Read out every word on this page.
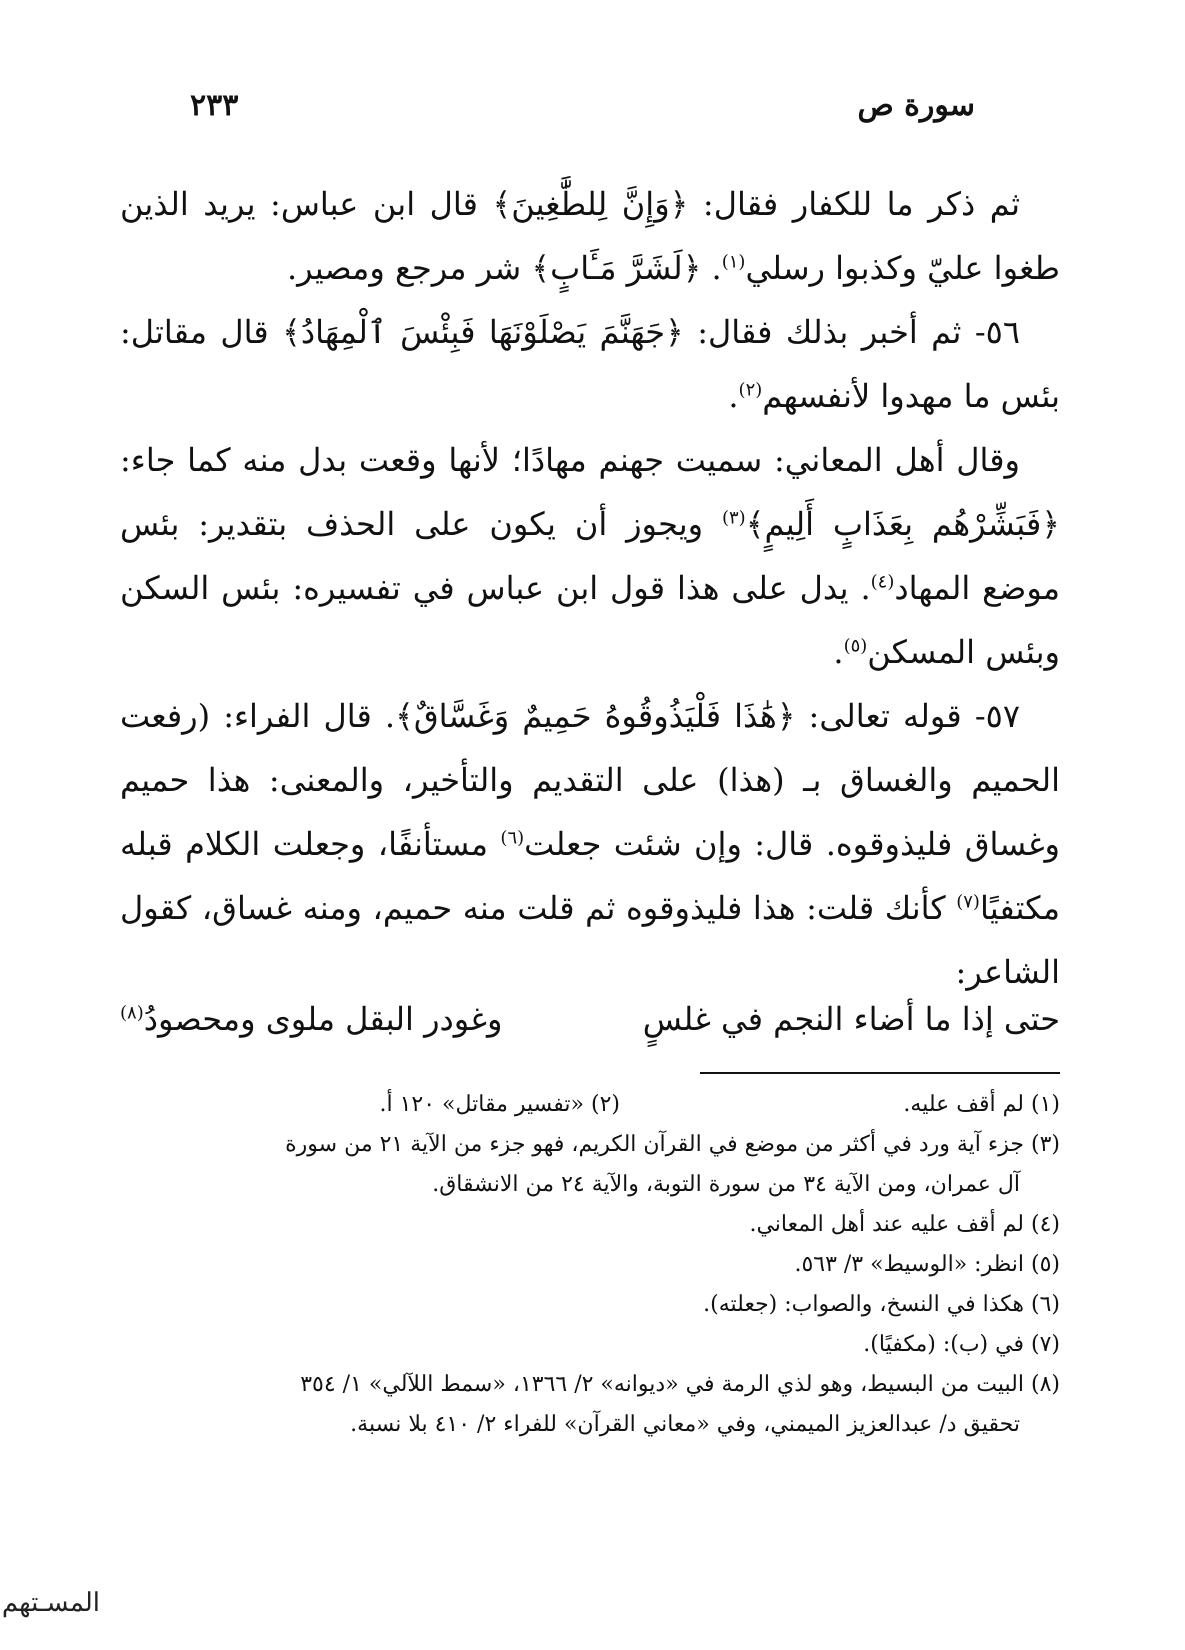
سورة ص
٢٣٣

ثم ذكر ما للكفار فقال: ﴿وَإِنَّ لِلطَّٰغِينَ﴾ قال ابن عباس: يريد الذين طغوا عليّ وكذبوا رسلي$^{(١)}$. ﴿لَشَرَّ مَـَٔابٍ﴾ شر مرجع ومصير.

٥٦- ثم أخبر بذلك فقال: ﴿جَهَنَّمَ يَصْلَوْنَهَا فَبِئْسَ ٱلْمِهَادُ﴾ قال مقاتل: بئس ما مهدوا لأنفسهم$^{(٢)}$.

وقال أهل المعاني: سميت جهنم مهادًا؛ لأنها وقعت بدل منه كما جاء: ﴿فَبَشِّرْهُم بِعَذَابٍ أَلِيمٍ﴾$^{(٣)}$ ويجوز أن يكون على الحذف بتقدير: بئس موضع المهاد$^{(٤)}$. يدل على هذا قول ابن عباس في تفسيره: بئس السكن وبئس المسكن$^{(٥)}$.

٥٧- قوله تعالى: ﴿هَٰذَا فَلْيَذُوقُوهُ حَمِيمٌ وَغَسَّاقٌ﴾. قال الفراء: (رفعت الحميم والغساق بـ (هذا) على التقديم والتأخير، والمعنى: هذا حميم وغساق فليذوقوه. قال: وإن شئت جعلت$^{(٦)}$ مستأنفًا، وجعلت الكلام قبله مكتفيًا$^{(٧)}$ كأنك قلت: هذا فليذوقوه ثم قلت منه حميم، ومنه غساق، كقول الشاعر:

حتى إذا ما أضاء النجم في غلسٍ
وغودر البقل ملوى ومحصودُ$^{(٨)}$
(١) لم أقف عليه.
(٢) «تفسير مقاتل» ١٢٠ أ.

(٣) جزء آية ورد في أكثر من موضع في القرآن الكريم، فهو جزء من الآية ٢١ من سورة
آل عمران، ومن الآية ٣٤ من سورة التوبة، والآية ٢٤ من الانشقاق.

(٤) لم أقف عليه عند أهل المعاني.

(٥) انظر: «الوسيط» ٣/ ٥٦٣.

(٦) هكذا في النسخ، والصواب: (جعلته).

(٧) في (ب): (مكفيًا).

(٨) البيت من البسيط، وهو لذي الرمة في «ديوانه» ٢/ ١٣٦٦، «سمط اللآلي» ١/ ٣٥٤
تحقيق د/ عبدالعزيز الميمني، وفي «معاني القرآن» للفراء ٢/ ٤١٠ بلا نسبة.

المسـتهم
